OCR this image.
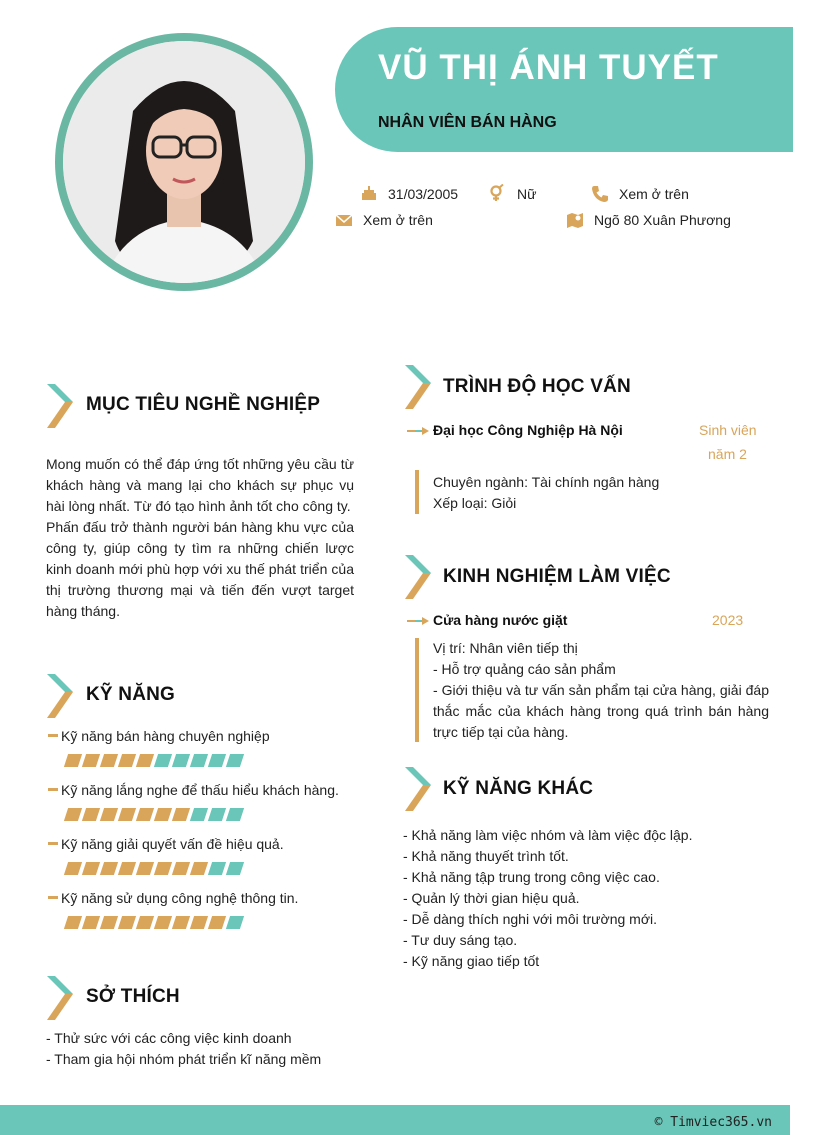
VŨ THỊ ÁNH TUYẾT
NHÂN VIÊN BÁN HÀNG
31/03/2005	Nữ	Xem ở trên
Xem ở trên	Ngõ 80 Xuân Phương
MỤC TIÊU NGHỀ NGHIỆP

Mong muốn có thể đáp ứng tốt những yêu cầu từ khách hàng và mang lại cho khách sự phục vụ hài lòng nhất. Từ đó tạo hình ảnh tốt cho công ty.

Phấn đấu trở thành người bán hàng khu vực của công ty, giúp công ty tìm ra những chiến lược kinh doanh mới phù hợp với xu thế phát triển của thị trường thương mại và tiến đến vượt target hàng tháng.

KỸ NĂNG
Kỹ năng bán hàng chuyên nghiệp
Kỹ năng lắng nghe để thấu hiểu khách hàng.
Kỹ năng giải quyết vấn đề hiệu quả.
Kỹ năng sử dụng công nghệ thông tin.
SỞ THÍCH
- Thử sức với các công việc kinh doanh
- Tham gia hội nhóm phát triển kĩ năng mềm
TRÌNH ĐỘ HỌC VẤN
Đại học Công Nghiệp Hà Nội	Sinh viên
năm 2
Chuyên ngành: Tài chính ngân hàng
Xếp loại: Giỏi
KINH NGHIỆM LÀM VIỆC
Cửa hàng nước giặt	2023

Vị trí: Nhân viên tiếp thị

- Hỗ trợ quảng cáo sản phẩm

- Giới thiệu và tư vấn sản phẩm tại cửa hàng, giải đáp thắc mắc của khách hàng trong quá trình bán hàng trực tiếp tại của hàng.

KỸ NĂNG KHÁC
- Khả năng làm việc nhóm và làm việc độc lập.
- Khả năng thuyết trình tốt.
- Khả năng tập trung trong công việc cao.
- Quản lý thời gian hiệu quả.
- Dễ dàng thích nghi với môi trường mới.
- Tư duy sáng tạo.
- Kỹ năng giao tiếp tốt
© Timviec365.vn
